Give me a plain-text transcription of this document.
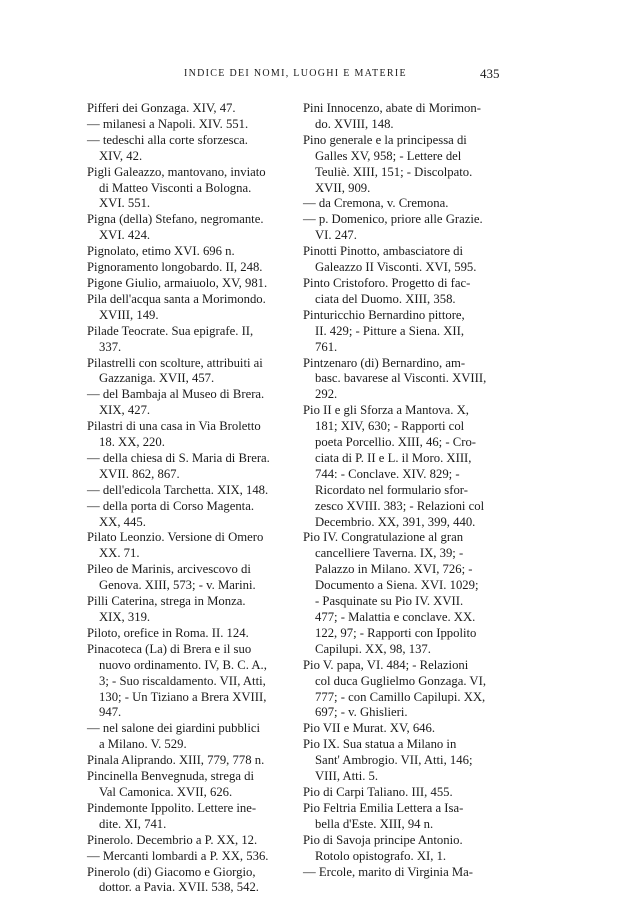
INDICE DEI NOMI, LUOGHI E MATERIE	435
Pifferi dei Gonzaga. XIV, 47.
— milanesi a Napoli. XIV. 551.
— tedeschi alla corte sforzesca.
XIV, 42.
Pigli Galeazzo, mantovano, inviato
di Matteo Visconti a Bologna.
XVI. 551.
Pigna (della) Stefano, negromante.
XVI. 424.
Pignolato, etimo XVI. 696 n.
Pignoramento longobardo. II, 248.
Pigone Giulio, armaiuolo, XV, 981.
Pila dell'acqua santa a Morimondo.
XVIII, 149.
Pilade Teocrate. Sua epigrafe. II,
337.
Pilastrelli con scolture, attribuiti ai
Gazzaniga. XVII, 457.
— del Bambaja al Museo di Brera.
XIX, 427.
Pilastri di una casa in Via Broletto
18. XX, 220.
— della chiesa di S. Maria di Brera.
XVII. 862, 867.
— dell'edicola Tarchetta. XIX, 148.
— della porta di Corso Magenta.
XX, 445.
Pilato Leonzio. Versione di Omero
XX. 71.
Pileo de Marinis, arcivescovo di
Genova. XIII, 573; - v. Marini.
Pilli Caterina, strega in Monza.
XIX, 319.
Piloto, orefice in Roma. II. 124.
Pinacoteca (La) di Brera e il suo
nuovo ordinamento. IV, B. C. A.,
3; - Suo riscaldamento. VII, Atti,
130; - Un Tiziano a Brera XVIII,
947.
— nel salone dei giardini pubblici
a Milano. V. 529.
Pinala Aliprando. XIII, 779, 778 n.
Pincinella Benvegnuda, strega di
Val Camonica. XVII, 626.
Pindemonte Ippolito. Lettere ine-
dite. XI, 741.
Pinerolo. Decembrio a P. XX, 12.
— Mercanti lombardi a P. XX, 536.
Pinerolo (di) Giacomo e Giorgio,
dottor. a Pavia. XVII. 538, 542.
Pini Innocenzo, abate di Morimon-
do. XVIII, 148.
Pino generale e la principessa di
Galles XV, 958; - Lettere del
Teuliè. XIII, 151; - Discolpato.
XVII, 909.
— da Cremona, v. Cremona.
— p. Domenico, priore alle Grazie.
VI. 247.
Pinotti Pinotto, ambasciatore di
Galeazzo II Visconti. XVI, 595.
Pinto Cristoforo. Progetto di fac-
ciata del Duomo. XIII, 358.
Pinturicchio Bernardino pittore,
II. 429; - Pitture a Siena. XII,
761.
Pintzenaro (di) Bernardino, am-
basc. bavarese al Visconti. XVIII,
292.
Pio II e gli Sforza a Mantova. X,
181; XIV, 630; - Rapporti col
poeta Porcellio. XIII, 46; - Cro-
ciata di P. II e L. il Moro. XIII,
744: - Conclave. XIV. 829; -
Ricordato nel formulario sfor-
zesco XVIII. 383; - Relazioni col
Decembrio. XX, 391, 399, 440.
Pio IV. Congratulazione al gran
cancelliere Taverna. IX, 39; -
Palazzo in Milano. XVI, 726; -
Documento a Siena. XVI. 1029;
- Pasquinate su Pio IV. XVII.
477; - Malattia e conclave. XX.
122, 97; - Rapporti con Ippolito
Capilupi. XX, 98, 137.
Pio V. papa, VI. 484; - Relazioni
col duca Guglielmo Gonzaga. VI,
777; - con Camillo Capilupi. XX,
697; - v. Ghislieri.
Pio VII e Murat. XV, 646.
Pio IX. Sua statua a Milano in
Sant' Ambrogio. VII, Atti, 146;
VIII, Atti. 5.
Pio di Carpi Taliano. III, 455.
Pio Feltria Emilia Lettera a Isa-
bella d'Este. XIII, 94 n.
Pio di Savoja principe Antonio.
Rotolo opistografo. XI, 1.
— Ercole, marito di Virginia Ma-
